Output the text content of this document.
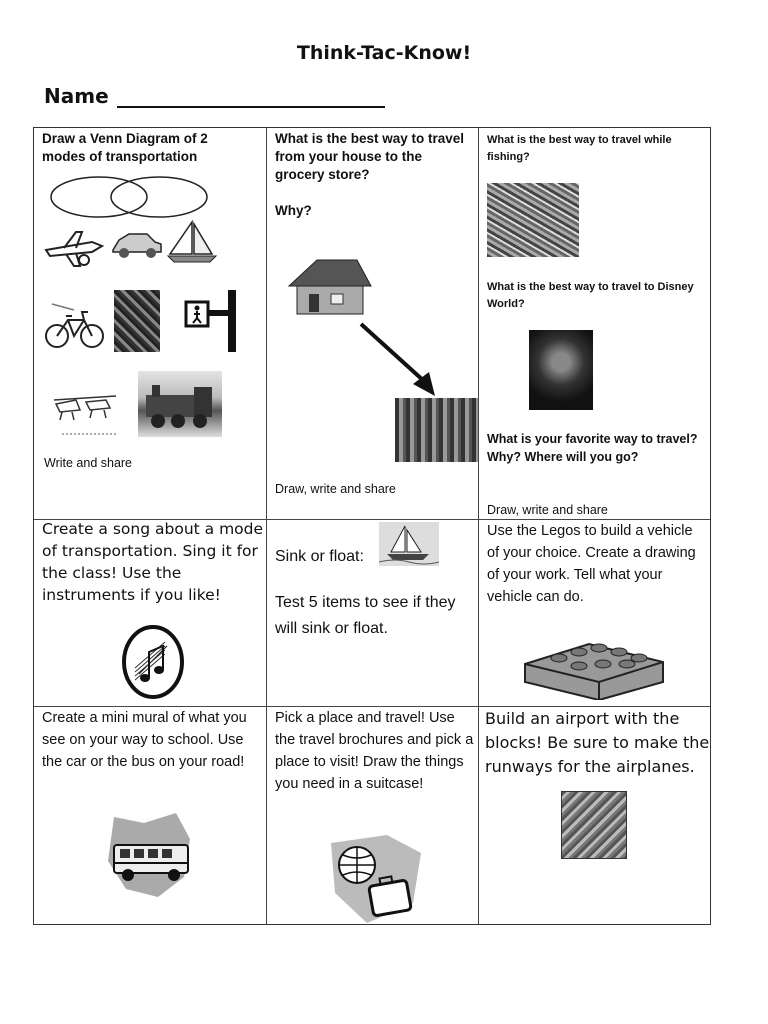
Think-Tac-Know!
Name
Draw a Venn Diagram of 2 modes of transportation
Write and share
What is the best way to travel from your house to the grocery store?
Why?
Draw, write and share
What is the best way to travel while fishing?
What is the best way to travel to Disney World?
What is your favorite way to travel? Why? Where will you go?
Draw, write and share
Create a song about a mode of transportation. Sing it for the class! Use the instruments if you like!
Sink or float:
Test 5 items to see if they will sink or float.
Use the Legos to build a vehicle of your choice. Create a drawing of your work. Tell what your vehicle can do.
Create a mini mural of what you see on your way to school. Use the car or the bus on your road!
Pick a place and travel! Use the travel brochures and pick a place to visit! Draw the things you need in a suitcase!
Build an airport with the blocks! Be sure to make the runways for the airplanes.
